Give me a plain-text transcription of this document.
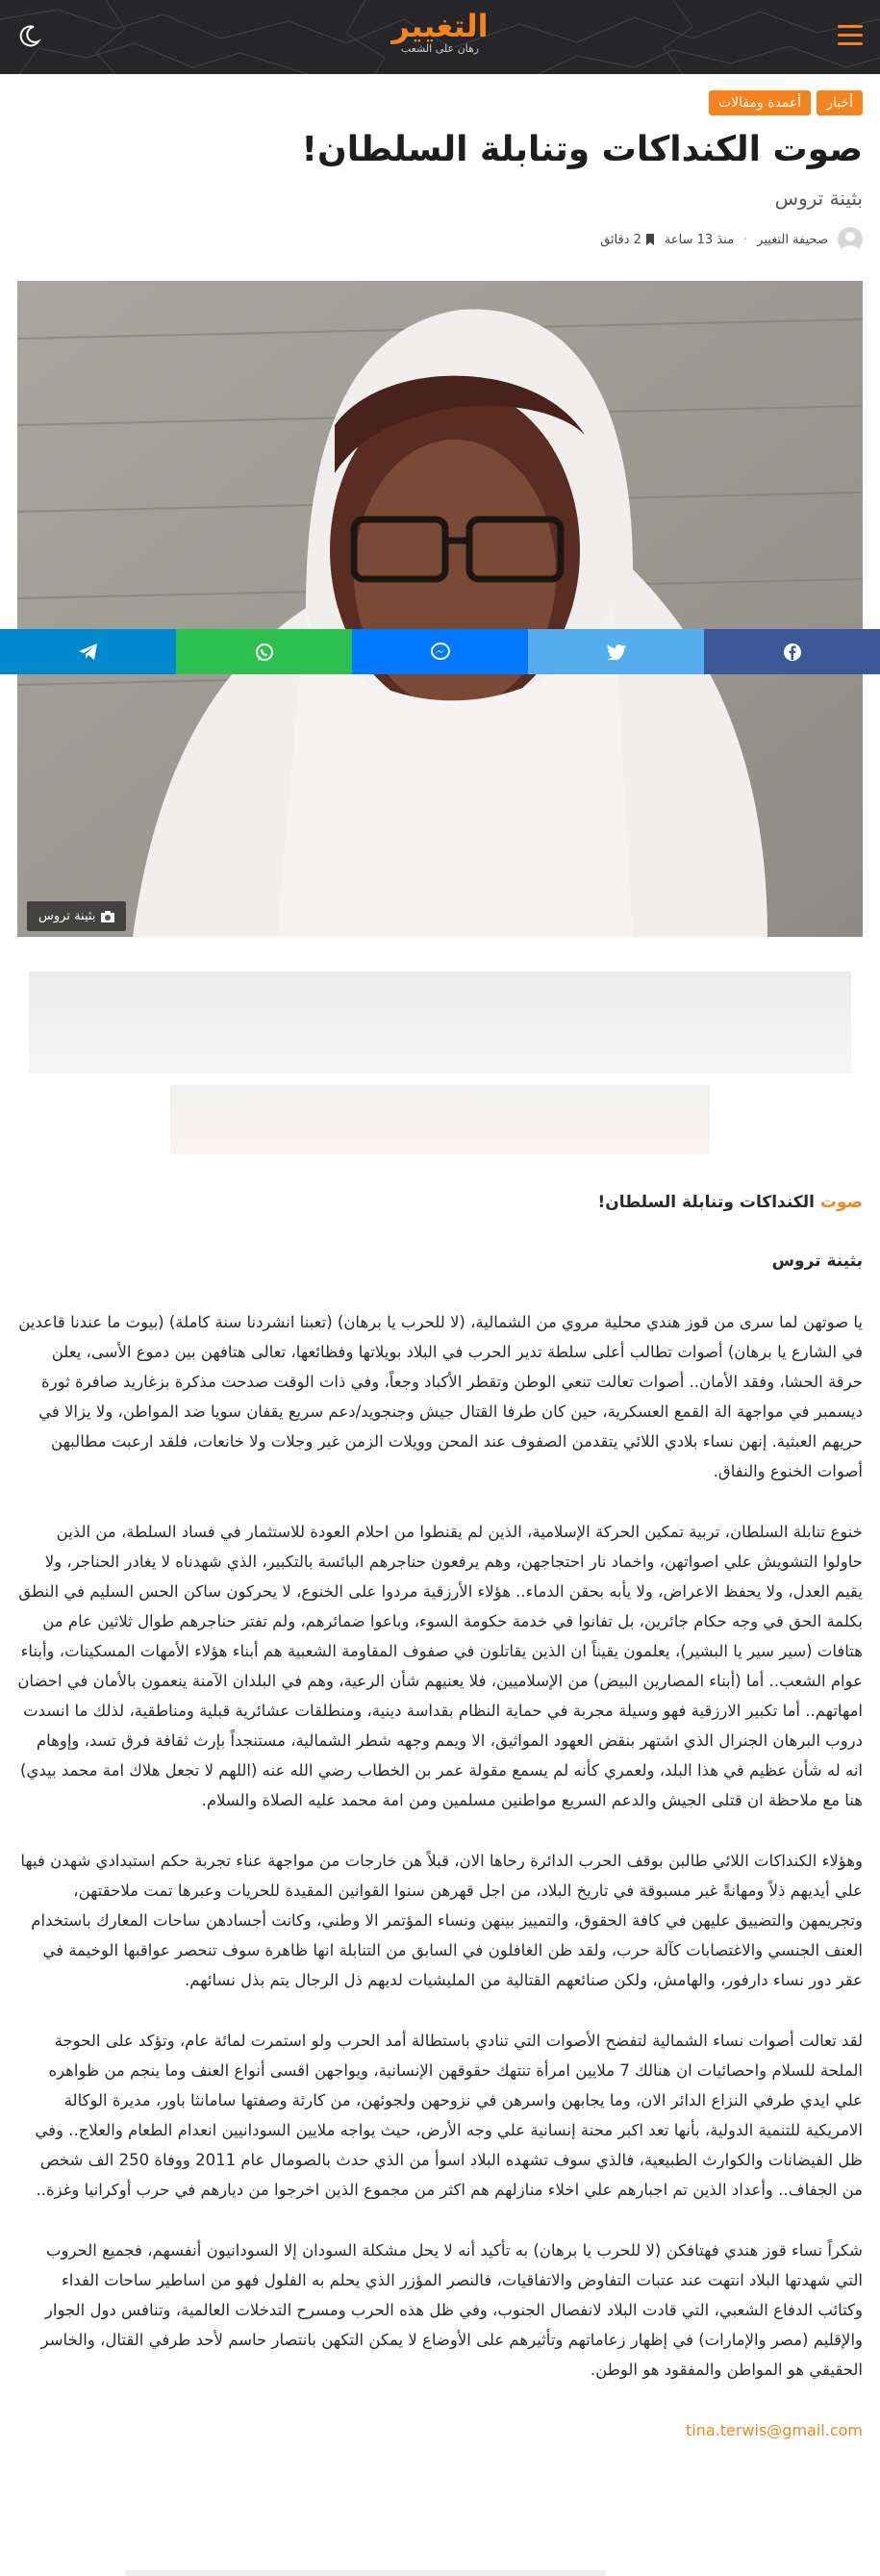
التغيير
رهان على الشعب
أخبار
أعمدة ومقالات
صوت الكنداكات وتنابلة السلطان!
بثينة تروس
صحيفة التغيير
·
منذ 13 ساعة
2 دقائق
بثينة تروس

صوت الكنداكات وتنابلة السلطان!

بثينة تروس

يا صوتهن لما سرى من قوز هندي محلية مروي من الشمالية، (لا للحرب يا برهان) (تعبنا انشردنا سنة كاملة) (بيوت ما عندنا قاعدين في الشارع يا برهان) أصوات تطالب أعلى سلطة تدير الحرب في البلاد بويلاتها وفظائعها، تعالى هتافهن بين دموع الأسى، يعلن حرقة الحشا، وفقد الأمان.. أصوات تعالت تنعي الوطن وتقطر الأكباد وجعاً، وفي ذات الوقت صدحت مذكرة بزغاريد صافرة ثورة ديسمبر في مواجهة الة القمع العسكرية، حين كان طرفا القتال جيش وجنجويد/دعم سريع يقفان سويا ضد المواطن، ولا يزالا في حريهم العبثية. إنهن نساء بلادي اللائي يتقدمن الصفوف عند المحن وويلات الزمن غير وجلات ولا خانعات، فلقد ارعبت مطالبهن أصوات الخنوع والنفاق.

خنوع تنابلة السلطان، تربية تمكين الحركة الإسلامية، الذين لم يقنطوا من احلام العودة للاستثمار في فساد السلطة، من الذين حاولوا التشويش علي اصواتهن، واخماد نار احتجاجهن، وهم يرفعون حناجرهم البائسة بالتكبير، الذي شهدناه لا يغادر الحناجر، ولا يقيم العدل، ولا يحفظ الاعراض، ولا يأبه بحقن الدماء.. هؤلاء الأرزقية مردوا على الخنوع، لا يحركون ساكن الحس السليم في النطق بكلمة الحق في وجه حكام جائرين، بل تفانوا في خدمة حكومة السوء، وباعوا ضمائرهم، ولم تفتر حناجرهم طوال ثلاثين عام من هتافات (سير سير يا البشير)، يعلمون يقيناً ان الذين يقاتلون في صفوف المقاومة الشعبية هم أبناء هؤلاء الأمهات المسكينات، وأبناء عوام الشعب.. أما (أبناء المصارين البيض) من الإسلاميين، فلا يعنيهم شأن الرعية، وهم في البلدان الآمنة ينعمون بالأمان في احضان امهاتهم.. أما تكبير الارزقية فهو وسيلة مجربة في حماية النظام بقداسة دينية، ومنطلقات عشائرية قبلية ومناطقية، لذلك ما انسدت دروب البرهان الجنرال الذي اشتهر بنقض العهود المواثيق، الا ويمم وجهه شطر الشمالية، مستنجداً بإرث ثقافة فرق تسد، وإوهام انه له شأن عظيم في هذا البلد، ولعمري كأنه لم يسمع مقولة عمر بن الخطاب رضي الله عنه (اللهم لا تجعل هلاك امة محمد بيدي) هنا مع ملاحظة ان قتلى الجيش والدعم السريع مواطنين مسلمين ومن امة محمد عليه الصلاة والسلام.

وهؤلاء الكنداكات اللائي طالبن بوقف الحرب الدائرة رحاها الان، قبلاً هن خارجات من مواجهة عناء تجربة حكم استبدادي شهدن فيها علي أيديهم ذلاً ومهانةً غير مسبوقة في تاريخ البلاد، من اجل قهرهن سنوا القوانين المقيدة للحريات وعبرها تمت ملاحقتهن، وتجريمهن والتضييق عليهن في كافة الحقوق، والتمييز بينهن ونساء المؤتمر الا وطني، وكانت أجسادهن ساحات المعارك باستخدام العنف الجنسي والاغتصابات كآلة حرب، ولقد ظن الغافلون في السابق من التنابلة انها ظاهرة سوف تنحصر عواقبها الوخيمة في عقر دور نساء دارفور، والهامش، ولكن صنائعهم القتالية من المليشيات لديهم ذل الرجال يتم بذل نسائهم.

لقد تعالت أصوات نساء الشمالية لتفضح الأصوات التي تنادي باستطالة أمد الحرب ولو استمرت لمائة عام، وتؤكد على الحوجة الملحة للسلام واحصائيات ان هنالك 7 ملايين امرأة تنتهك حقوقهن الإنسانية، ويواجهن اقسى أنواع العنف وما ينجم من ظواهره علي ايدي طرفي النزاع الدائر الان، وما يجابهن واسرهن في نزوحهن ولجوئهن، من كارثة وصفتها سامانثا باور، مديرة الوكالة الامريكية للتنمية الدولية، بأنها تعد اكبر محنة إنسانية علي وجه الأرض، حيث يواجه ملايين السودانيين انعدام الطعام والعلاج.. وفي ظل الفيضانات والكوارث الطبيعية، فالذي سوف تشهده البلاد اسوأ من الذي حدث بالصومال عام 2011 ووفاة 250 الف شخص من الجفاف.. وأعداد الذين تم اجبارهم علي اخلاء منازلهم هم اكثر من مجموع الذين اخرجوا من ديارهم في حرب أوكرانيا وغزة..

شكراً نساء قوز هندي فهتافكن (لا للحرب يا برهان) به تأكيد أنه لا يحل مشكلة السودان إلا السودانيون أنفسهم، فجميع الحروب التي شهدتها البلاد انتهت عند عتبات التفاوض والاتفاقيات، فالنصر المؤزر الذي يحلم به الفلول فهو من اساطير ساحات الفداء وكتائب الدفاع الشعبي، التي قادت البلاد لانفصال الجنوب، وفي ظل هذه الحرب ومسرح التدخلات العالمية، وتنافس دول الجوار والإقليم (مصر والإمارات) في إظهار زعاماتهم وتأثيرهم على الأوضاع لا يمكن التكهن بانتصار حاسم لأحد طرفي القتال، والخاسر الحقيقي هو المواطن والمفقود هو الوطن.

tina.terwis@gmail.com
